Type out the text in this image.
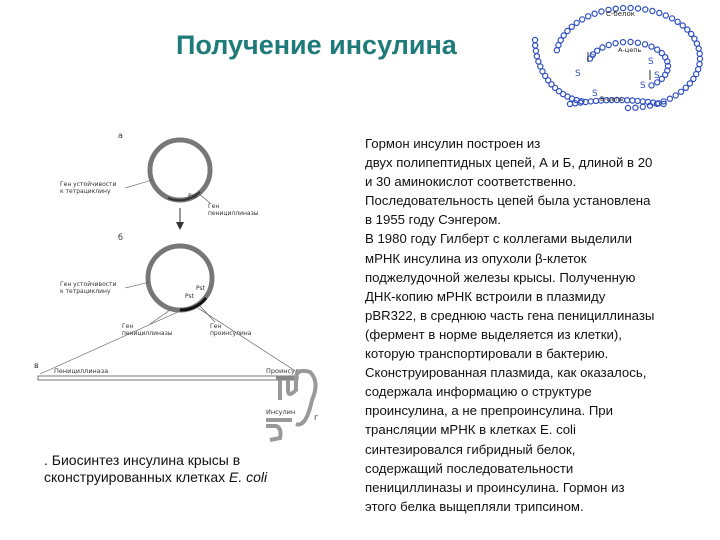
Получение инсулина
С-белок
А-цепь
В-цепь
S
S
S
S
S
S
a
Ген устойчивости
к тетрациклину
Pst
Ген
пенициллиназы
б
Ген устойчивости
к тетрациклину
Pst
Pst
Ген
пенициллиназы
Ген
проинсулина
в
Пенициллиназа	Проинсулин
г
Инсулин
. Биосинтез инсулина крысы в сконструированных клетках E. coli
Гормон инсулин построен из
двух полипептидных цепей, А и Б, длиной в 20
и 30 аминокислот соответственно.
Последовательность цепей была установлена
в 1955 году Сэнгером.
В 1980 году Гилберт с коллегами выделили
мРНК инсулина из опухоли β-клеток
поджелудочной железы крысы. Полученную
ДНК-копию мРНК встроили в плазмиду
pBR322, в среднюю часть гена пенициллиназы
(фермент в норме выделяется из клетки),
которую транспортировали в бактерию.
Сконструированная плазмида, как оказалось,
содержала информацию о структуре
проинсулина, а не препроинсулина. При
трансляции мРНК в клетках E. coli
синтезировался гибридный белок,
содержащий последовательности
пенициллиназы и проинсулина. Гормон из
этого белка выщепляли трипсином.
